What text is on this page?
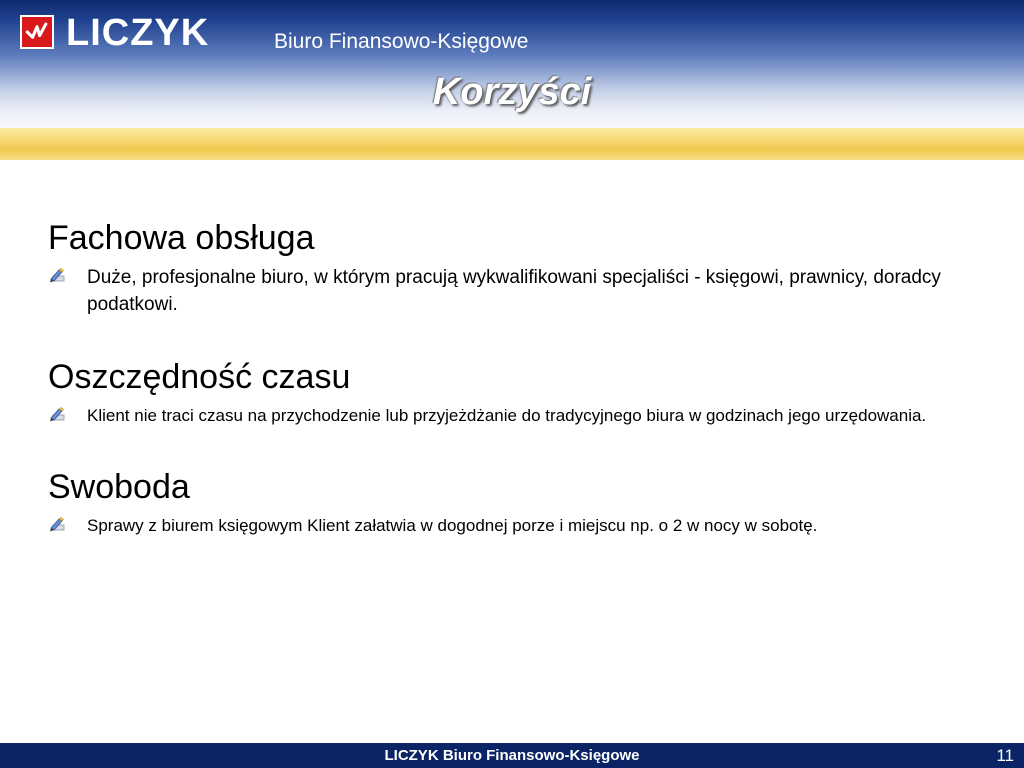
LICZYK	Biuro Finansowo-Księgowe
Korzyści
Fachowa obsługa
Duże, profesjonalne biuro, w którym pracują wykwalifikowani specjaliści - księgowi, prawnicy, doradcy podatkowi.
Oszczędność czasu
Klient nie traci czasu na przychodzenie lub przyjeżdżanie do tradycyjnego biura w godzinach jego urzędowania.
Swoboda
Sprawy z biurem księgowym Klient załatwia w dogodnej porze i miejscu np. o 2 w nocy w sobotę.
LICZYK Biuro Finansowo-Księgowe	11
